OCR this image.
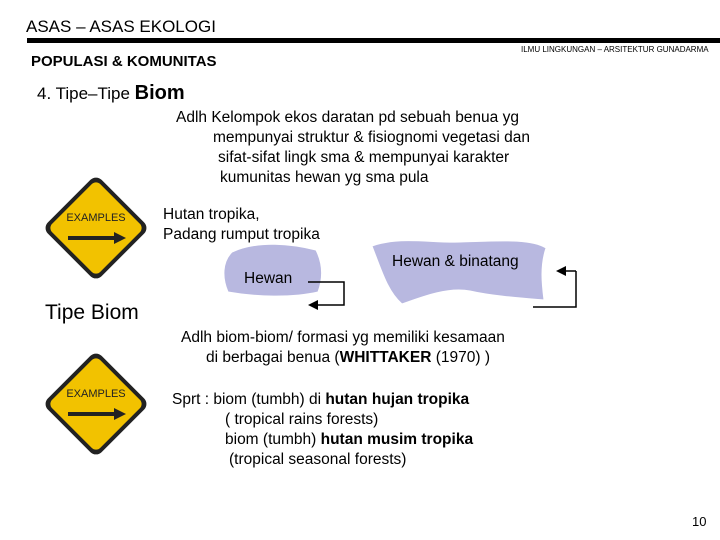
ASAS – ASAS EKOLOGI
POPULASI & KOMUNITAS
ILMU LINGKUNGAN – ARSITEKTUR GUNADARMA
4. Tipe–Tipe Biom
Adlh Kelompok ekos daratan pd sebuah benua yg
mempunyai struktur & fisiognomi vegetasi dan
sifat-sifat lingk sma & mempunyai karakter
kumunitas hewan yg sma pula
Hutan tropika,
Padang rumput tropika
EXAMPLES
EXAMPLES
Hewan
Hewan & binatang
Tipe Biom
Adlh biom-biom/ formasi yg memiliki kesamaan
di berbagai benua (WHITTAKER (1970) )
Sprt : biom (tumbh) di hutan hujan tropika
( tropical rains forests)
biom (tumbh) hutan musim tropika
(tropical seasonal forests)
10
